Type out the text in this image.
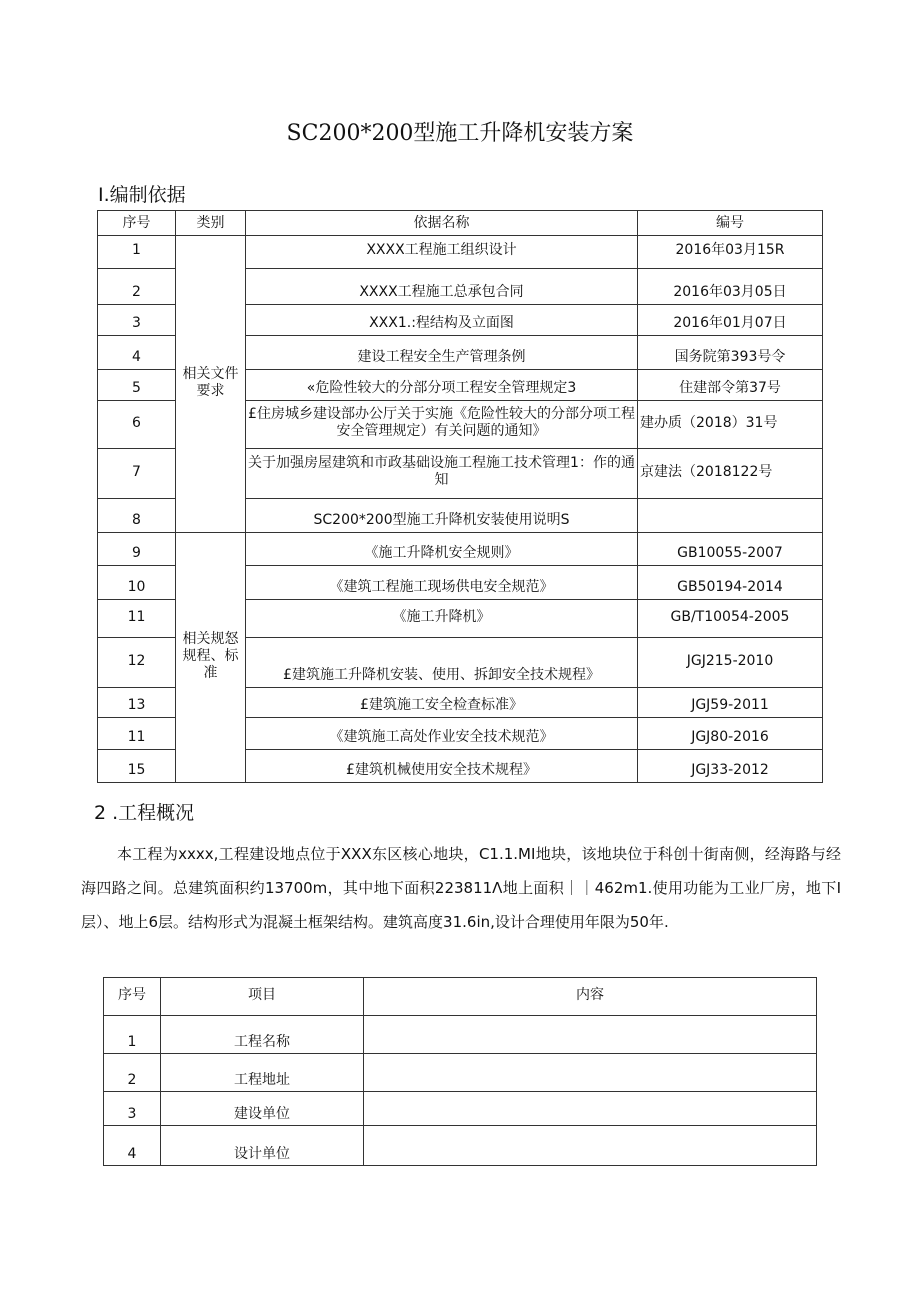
SC200*200型施工升降机安装方案
I.编制依据
序号	类别	依据名称	编号
1	相关文件要求	XXXX工程施工组织设计	2016年03月15R
2		XXXX工程施工总承包合同	2016年03月05日
3		XXX1.:程结构及立面图	2016年01月07日
4		建设工程安全生产管理条例	国务院第393号令
5		«危险性较大的分部分项工程安全管理规定3	住建部令第37号
6		£住房城乡建设部办公厅关于实施《危险性较大的分部分项工程安全管理规定）有关问题的通知》	建办质（2018）31号
7		关于加强房屋建筑和市政基础设施工程施工技术管理1：作的通知	京建法（2018122号
8		SC200*200型施工升降机安装使用说明S	
9	相关规怒规程、标准	《施工升降机安全规则》	GB10055-2007
10		《建筑工程施工现场供电安全规范》	GB50194-2014
11		《施工升降机》	GB/T10054-2005
12		£建筑施工升降机安装、使用、拆卸安全技术规程》	JGJ215-2010
13		£建筑施工安全检查标准》	JGJ59-2011
11		《建筑施工高处作业安全技术规范》	JGJ80-2016
15		£建筑机械使用安全技术规程》	JGJ33-2012
2 .工程概况

本工程为xxxx,工程建设地点位于XXX东区核心地块，C1.1.MI地块，该地块位于科创十街南侧，经海路与经海四路之间。总建筑面积约13700m，其中地下面积223811Λ地上面积｜｜462m1.使用功能为工业厂房，地下I层）、地上6层。结构形式为混凝土框架结构。建筑高度31.6in,设计合理使用年限为50年.

序号	项目	内容
1	工程名称	
2	工程地址	
3	建设单位	
4	设计单位	
